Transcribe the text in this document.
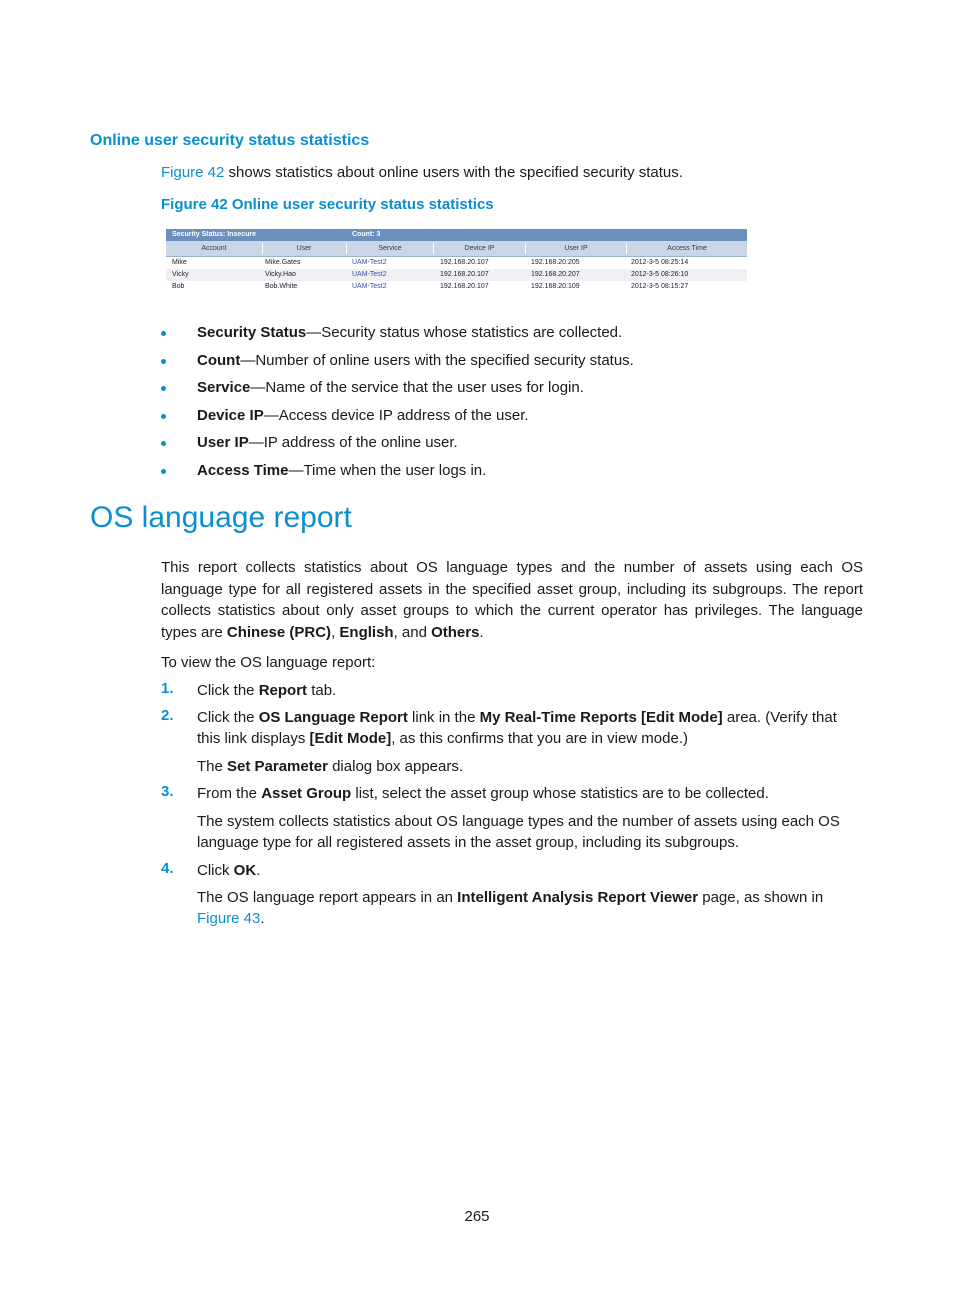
Online user security status statistics
Figure 42 shows statistics about online users with the specified security status.
Figure 42 Online user security status statistics
Security Status: Insecure	Count: 3
Account	User	Service	Device IP	User IP	Access Time
Mike	Mike.Gates	UAM-Test2	192.168.20.107	192.168.20.205	2012-3-5 08:25:14
Vicky	Vicky.Hao	UAM-Test2	192.168.20.107	192.168.20.207	2012-3-5 08:26:10
Bob	Bob.White	UAM-Test2	192.168.20.107	192.168.20.109	2012-3-5 08:15:27
Security Status—Security status whose statistics are collected.
Count—Number of online users with the specified security status.
Service—Name of the service that the user uses for login.
Device IP—Access device IP address of the user.
User IP—IP address of the online user.
Access Time—Time when the user logs in.
OS language report
This report collects statistics about OS language types and the number of assets using each OS language type for all registered assets in the specified asset group, including its subgroups. The report collects statistics about only asset groups to which the current operator has privileges. The language types are Chinese (PRC), English, and Others.
To view the OS language report:
1. Click the Report tab.
2. Click the OS Language Report link in the My Real-Time Reports [Edit Mode] area. (Verify that this link displays [Edit Mode], as this confirms that you are in view mode.)
The Set Parameter dialog box appears.
3. From the Asset Group list, select the asset group whose statistics are to be collected.
The system collects statistics about OS language types and the number of assets using each OS language type for all registered assets in the asset group, including its subgroups.
4. Click OK.
The OS language report appears in an Intelligent Analysis Report Viewer page, as shown in Figure 43.
265
